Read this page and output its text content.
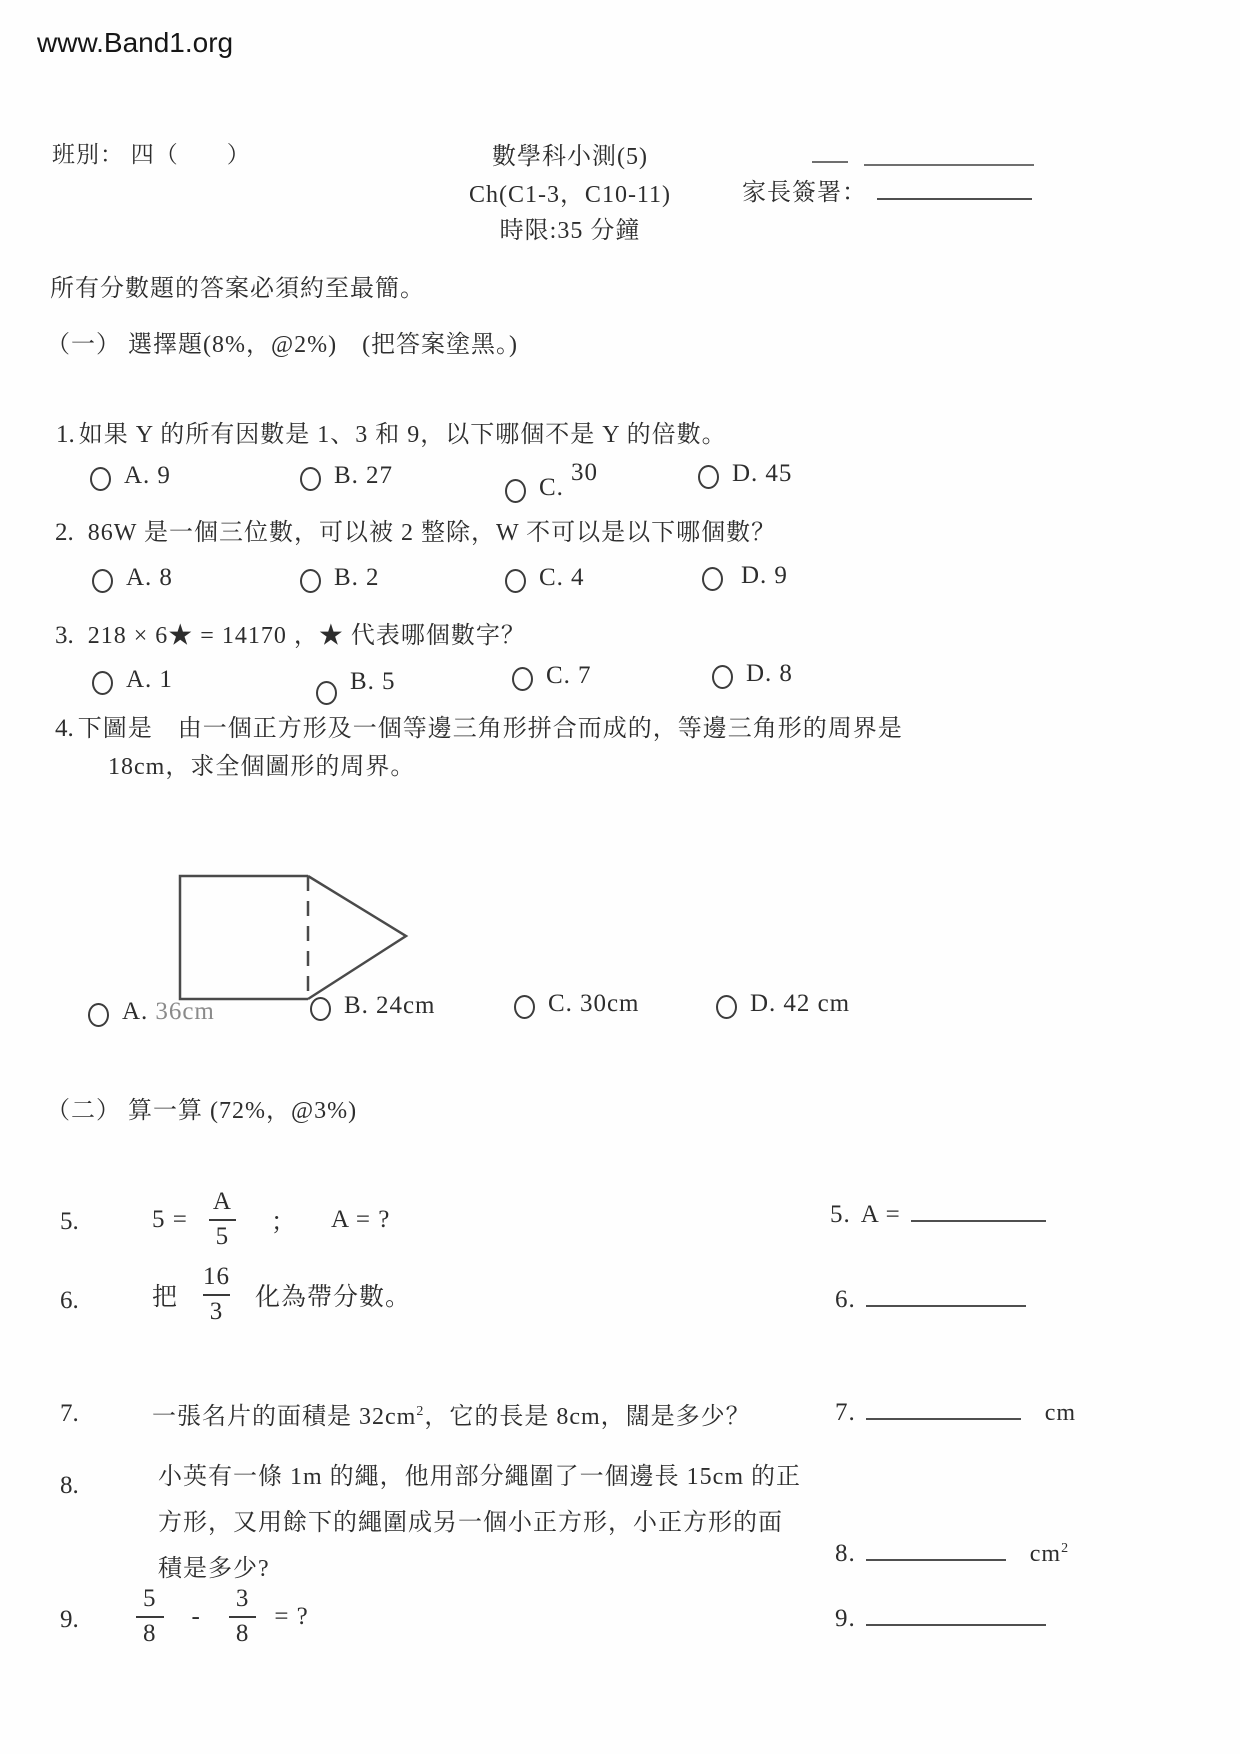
www.Band1.org
班別： 四（　　）	數學科小測(5)
Ch(C1-3，C10-11)
時限:35 分鐘
家長簽署：
所有分數題的答案必須約至最簡。
（一） 選擇題(8%，@2%)　(把答案塗黑。)
1. 如果 Y 的所有因數是 1、3 和 9，以下哪個不是 Y 的倍數。
A. 9	B. 27	C.30	D. 45
2. 86W 是一個三位數，可以被 2 整除，W 不可以是以下哪個數？
A. 8	B. 2	C. 4	D. 9
3. 218 × 6★ = 14170 ，★ 代表哪個數字？
A. 1	B. 5	C. 7	D. 8
4. 下圖是　由一個正方形及一個等邊三角形拼合而成的，等邊三角形的周界是
18cm，求全個圖形的周界。
A. 36cm	B. 24cm	C. 30cm	D. 42 cm
（二） 算一算 (72%，@3%)
5.	$5 = \frac{A}{5}$ ； A = ?
6.	把 $\frac{16}{3}$ 化為帶分數。
7.	一張名片的面積是 $32cm^2$，它的長是 8cm，闊是多少？
8.	小英有一條 1m 的繩，他用部分繩圍了一個邊長 15cm 的正
方形，又用餘下的繩圍成另一個小正方形，小正方形的面
積是多少?
9. $\frac{5}{8} - \frac{3}{8}$ = ?
5. A =
6.
7.	cm
8.	$cm^2$
9.
